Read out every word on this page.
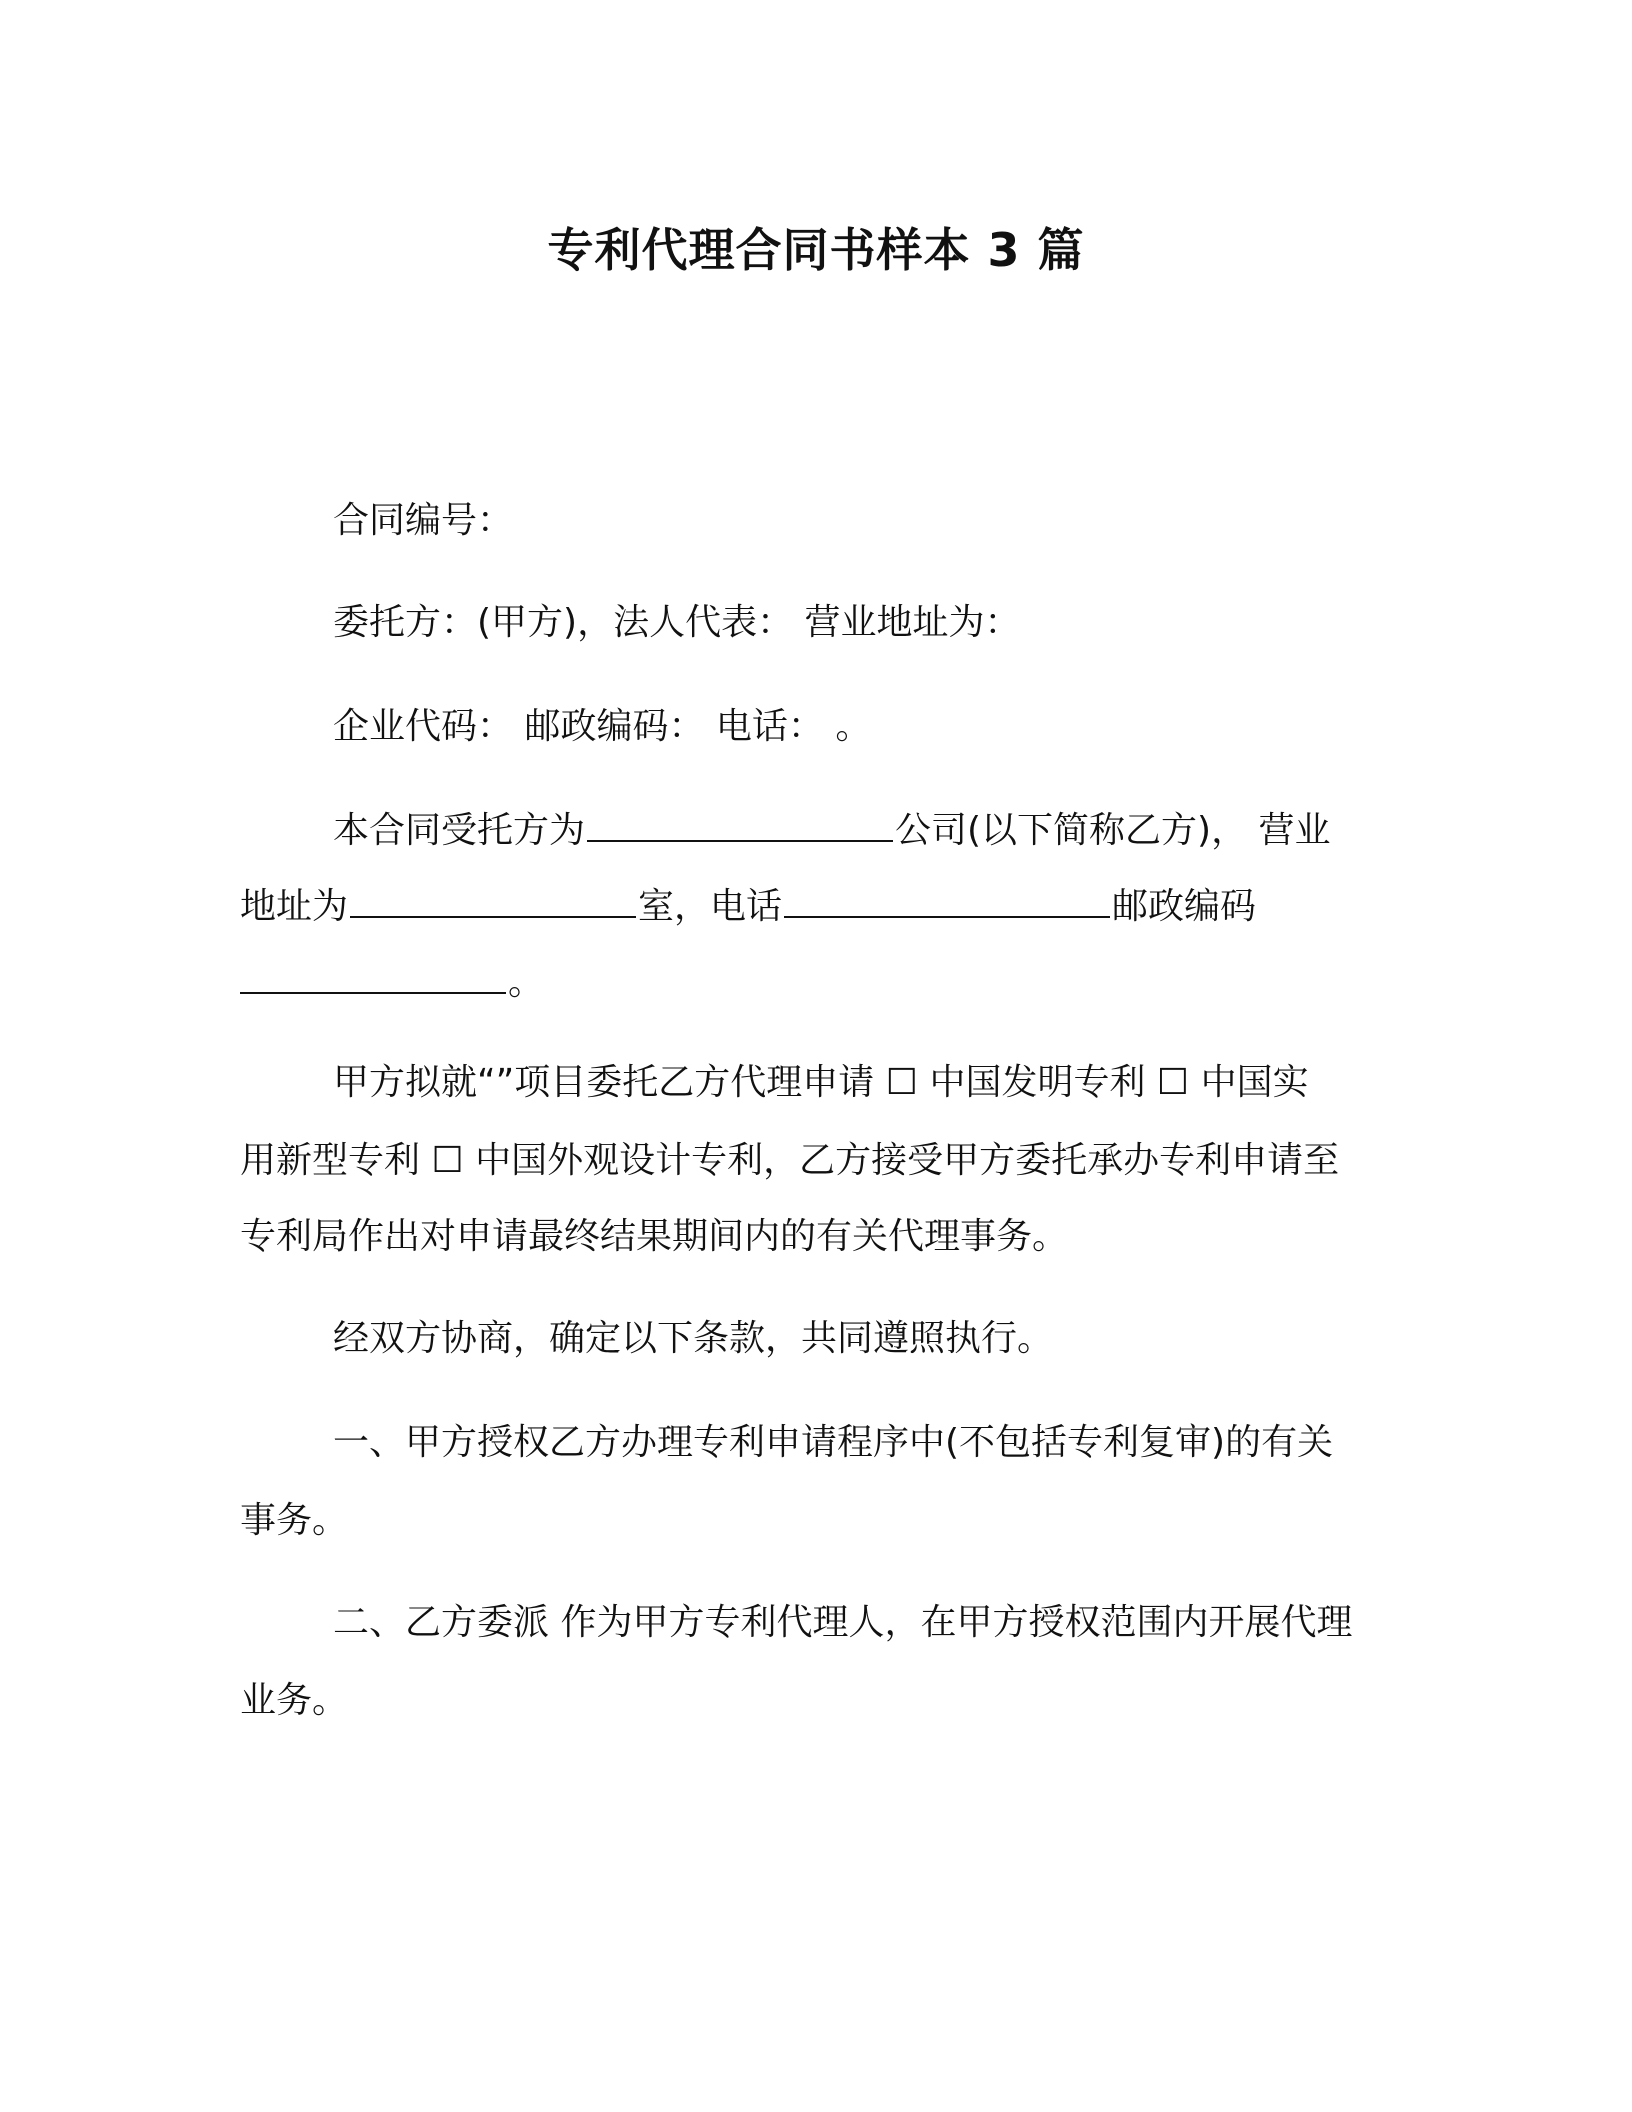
专利代理合同书样本 3 篇
合同编号：
委托方：(甲方)，法人代表： 营业地址为：
企业代码： 邮政编码： 电话： 。
本合同受托方为	公司(以下简称乙方)， 营业
地址为	室，电话	邮政编码
。
甲方拟就“”项目委托乙方代理申请 ☐ 中国发明专利 ☐ 中国实
用新型专利 ☐ 中国外观设计专利，乙方接受甲方委托承办专利申请至
专利局作出对申请最终结果期间内的有关代理事务。
经双方协商，确定以下条款，共同遵照执行。
一、甲方授权乙方办理专利申请程序中(不包括专利复审)的有关
事务。
二、乙方委派 作为甲方专利代理人，在甲方授权范围内开展代理
业务。
